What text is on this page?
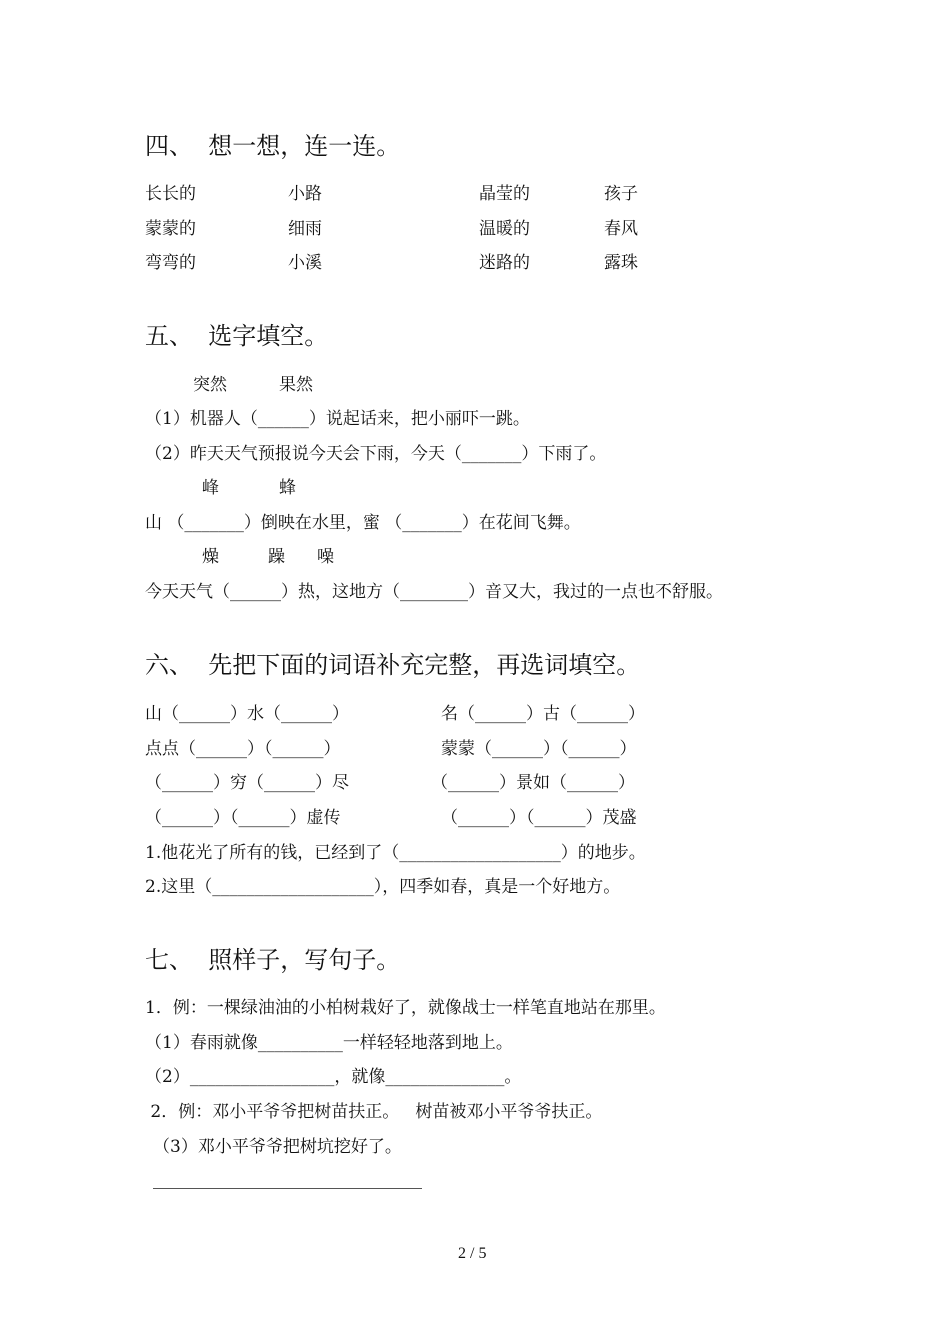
四、  想一想，连一连。
长长的	小路	晶莹的	孩子
蒙蒙的	细雨	温暖的	春风
弯弯的	小溪	迷路的	露珠
五、  选字填空。
突然	果然
（1）机器人（______）说起话来，把小丽吓一跳。
（2）昨天天气预报说今天会下雨，今天（_______）下雨了。
峰	蜂
山 （_______）倒映在水里，蜜 （_______）在花间飞舞。
燥	躁 噪
今天天气（______）热，这地方（________）音又大，我过的一点也不舒服。
六、  先把下面的词语补充完整，再选词填空。
山（______）水（______）	名（______）古（______）
点点（______）（______）	蒙蒙（______）（______）
（______）穷（______）尽	（______）景如（______）
（______）（______）虚传	（______）（______）茂盛
1.他花光了所有的钱，已经到了（___________________）的地步。
2.这里（___________________），四季如春，真是一个好地方。
七、  照样子，写句子。
1．例：一棵绿油油的小柏树栽好了，就像战士一样笔直地站在那里。
（1）春雨就像__________一样轻轻地落到地上。
（2）_________________，就像______________。
2．例：邓小平爷爷把树苗扶正。   树苗被邓小平爷爷扶正。
（3）邓小平爷爷把树坑挖好了。
2 / 5
